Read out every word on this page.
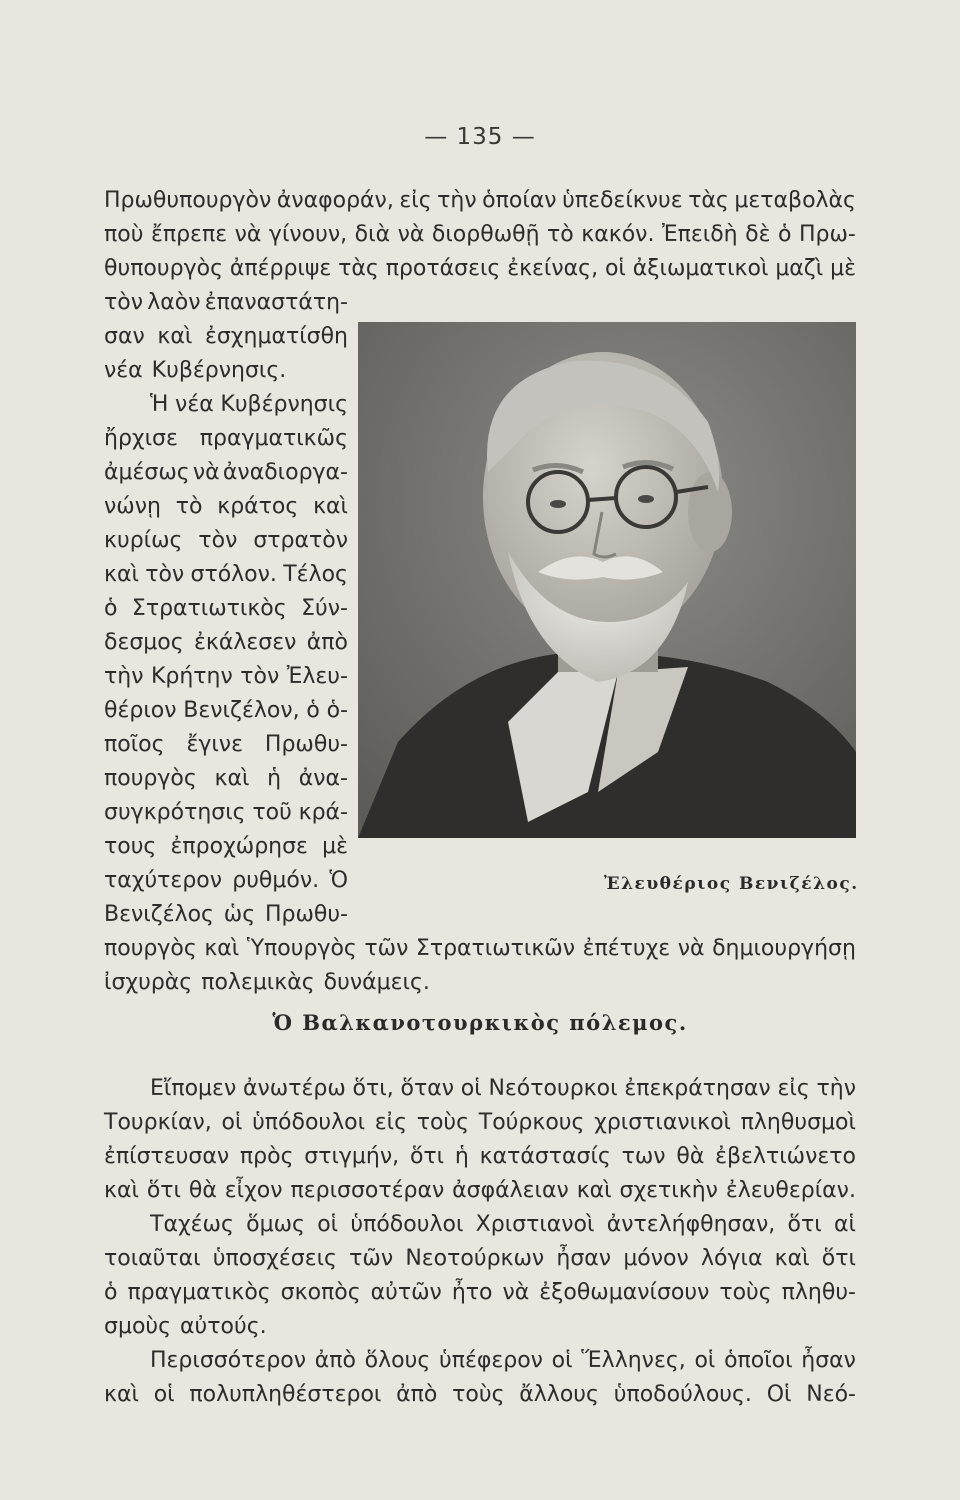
— 135 —
Πρωθυπουργὸν ἀναφοράν, εἰς τὴν ὁποίαν ὑπεδείκνυε τὰς μεταβολὰς
ποὺ ἔπρεπε νὰ γίνουν, διὰ νὰ διορθωθῇ τὸ κακόν. Ἐπειδὴ δὲ ὁ Πρω-
θυπουργὸς ἀπέρριψε τὰς προτάσεις ἐκείνας, οἱ ἀξιωματικοὶ μαζὶ μὲ
τὸν λαὸν ἐπαναστάτη-
σαν καὶ ἐσχηματίσθη
νέα Κυβέρνησις.
Ἡ νέα Κυβέρνησις
ἤρχισε πραγματικῶς
ἀμέσως νὰ ἀναδιοργα-
νώνῃ τὸ κράτος καὶ
κυρίως τὸν στρατὸν
καὶ τὸν στόλον. Τέλος
ὁ Στρατιωτικὸς Σύν-
δεσμος ἐκάλεσεν ἀπὸ
τὴν Κρήτην τὸν Ἐλευ-
θέριον Βενιζέλον, ὁ ὁ-
ποῖος ἔγινε Πρωθυ-
πουργὸς καὶ ἡ ἀνα-
συγκρότησις τοῦ κρά-
τους ἐπροχώρησε μὲ
ταχύτερον ρυθμόν. Ὁ
Βενιζέλος ὡς Πρωθυ-
πουργὸς καὶ Ὑπουργὸς τῶν Στρατιωτικῶν ἐπέτυχε νὰ δημιουργήσῃ
ἰσχυρὰς πολεμικὰς δυνάμεις.
Ἐλευθέριος Βενιζέλος.
Ὁ Βαλκανοτουρκικὸς πόλεμος.
Εἴπομεν ἀνωτέρω ὅτι, ὅταν οἱ Νεότουρκοι ἐπεκράτησαν εἰς τὴν
Τουρκίαν, οἱ ὑπόδουλοι εἰς τοὺς Τούρκους χριστιανικοὶ πληθυσμοὶ
ἐπίστευσαν πρὸς στιγμήν, ὅτι ἡ κατάστασίς των θὰ ἐβελτιώνετο
καὶ ὅτι θὰ εἶχον περισσοτέραν ἀσφάλειαν καὶ σχετικὴν ἐλευθερίαν.
Ταχέως ὅμως οἱ ὑπόδουλοι Χριστιανοὶ ἀντελήφθησαν, ὅτι αἱ
τοιαῦται ὑποσχέσεις τῶν Νεοτούρκων ἦσαν μόνον λόγια καὶ ὅτι
ὁ πραγματικὸς σκοπὸς αὐτῶν ἦτο νὰ ἐξοθωμανίσουν τοὺς πληθυ-
σμοὺς αὐτούς.
Περισσότερον ἀπὸ ὅλους ὑπέφερον οἱ Ἕλληνες, οἱ ὁποῖοι ἦσαν
καὶ οἱ πολυπληθέστεροι ἀπὸ τοὺς ἄλλους ὑποδούλους. Οἱ Νεό-
